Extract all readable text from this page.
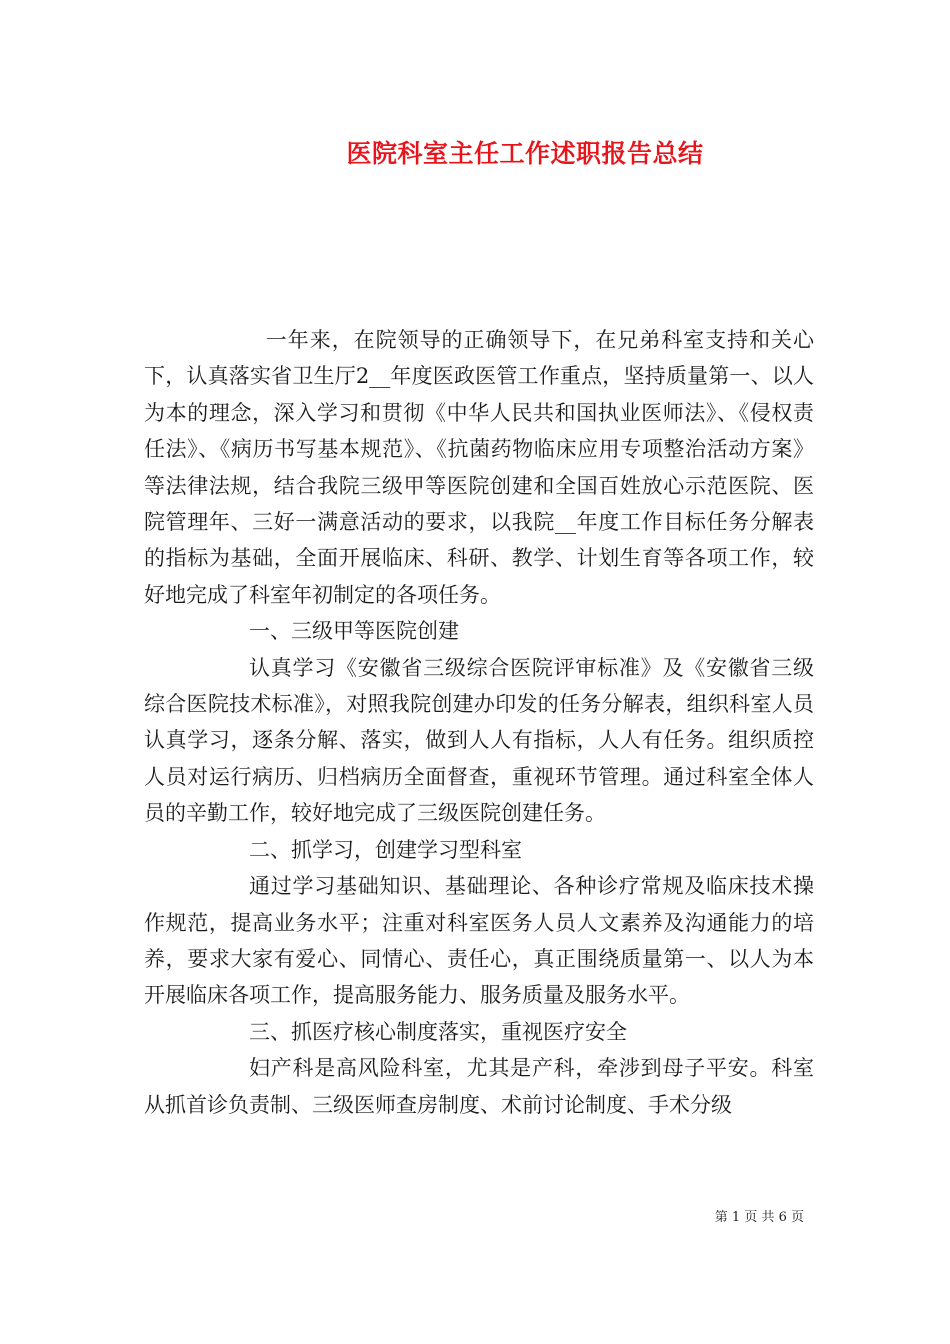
医院科室主任工作述职报告总结

一年来，在院领导的正确领导下，在兄弟科室支持和关心下，认真落实省卫生厅2__年度医政医管工作重点，坚持质量第一、以人为本的理念，深入学习和贯彻《中华人民共和国执业医师法》、《侵权责任法》、《病历书写基本规范》、《抗菌药物临床应用专项整治活动方案》等法律法规，结合我院三级甲等医院创建和全国百姓放心示范医院、医院管理年、三好一满意活动的要求，以我院__年度工作目标任务分解表的指标为基础，全面开展临床、科研、教学、计划生育等各项工作，较好地完成了科室年初制定的各项任务。

一、三级甲等医院创建

认真学习《安徽省三级综合医院评审标准》及《安徽省三级综合医院技术标准》，对照我院创建办印发的任务分解表，组织科室人员认真学习，逐条分解、落实，做到人人有指标，人人有任务。组织质控人员对运行病历、归档病历全面督查，重视环节管理。通过科室全体人员的辛勤工作，较好地完成了三级医院创建任务。

二、抓学习，创建学习型科室

通过学习基础知识、基础理论、各种诊疗常规及临床技术操作规范，提高业务水平；注重对科室医务人员人文素养及沟通能力的培养，要求大家有爱心、同情心、责任心，真正围绕质量第一、以人为本开展临床各项工作，提高服务能力、服务质量及服务水平。

三、抓医疗核心制度落实，重视医疗安全

妇产科是高风险科室，尤其是产科，牵涉到母子平安。科室从抓首诊负责制、三级医师查房制度、术前讨论制度、手术分级

第 1 页 共 6 页
